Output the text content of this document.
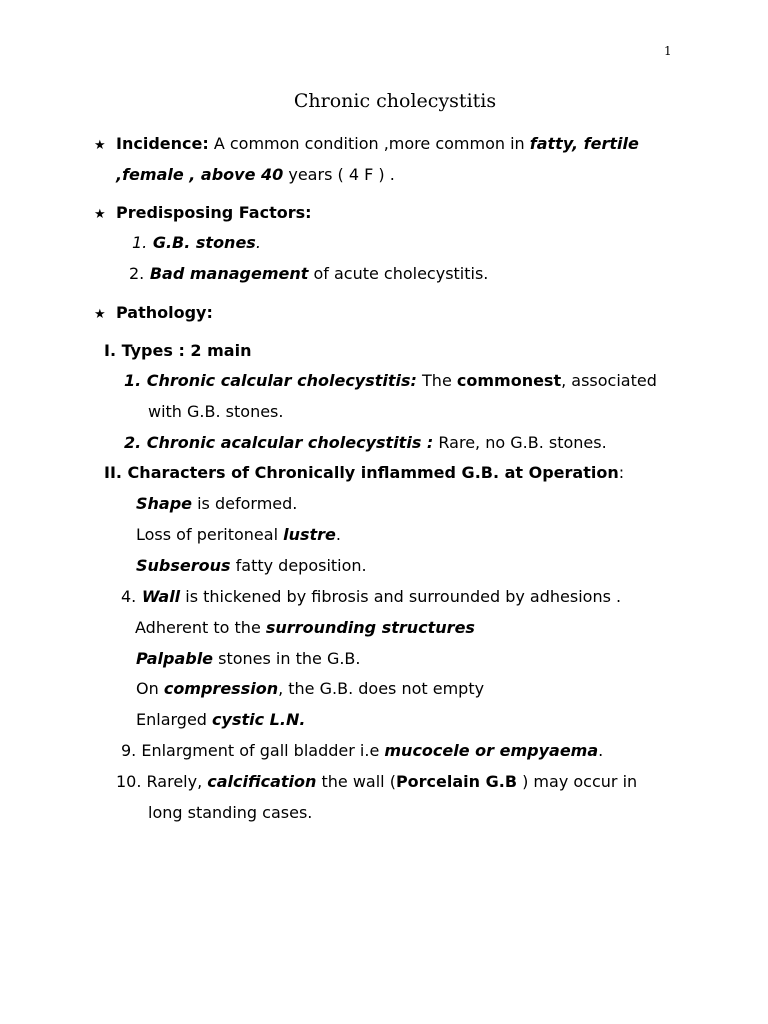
1
Chronic cholecystitis
★ Incidence: A common condition ,more common in fatty, fertile
,female , above 40 years ( 4 F ) .
★ Predisposing Factors:
1. G.B. stones.
2. Bad management of acute cholecystitis.
★ Pathology:
I. Types : 2 main
1. Chronic calcular cholecystitis: The commonest, associated
with G.B. stones.
2. Chronic acalcular cholecystitis : Rare, no G.B. stones.
II. Characters of Chronically inflammed G.B. at Operation:
Shape is deformed.
Loss of peritoneal lustre.
Subserous fatty deposition.
4. Wall is thickened by fibrosis and surrounded by adhesions .
Adherent to the surrounding structures
Palpable stones in the G.B.
On compression, the G.B. does not empty
Enlarged cystic L.N.
9. Enlargment of gall bladder i.e mucocele or empyaema.
10. Rarely, calcification the wall (Porcelain G.B ) may occur in
long standing cases.
